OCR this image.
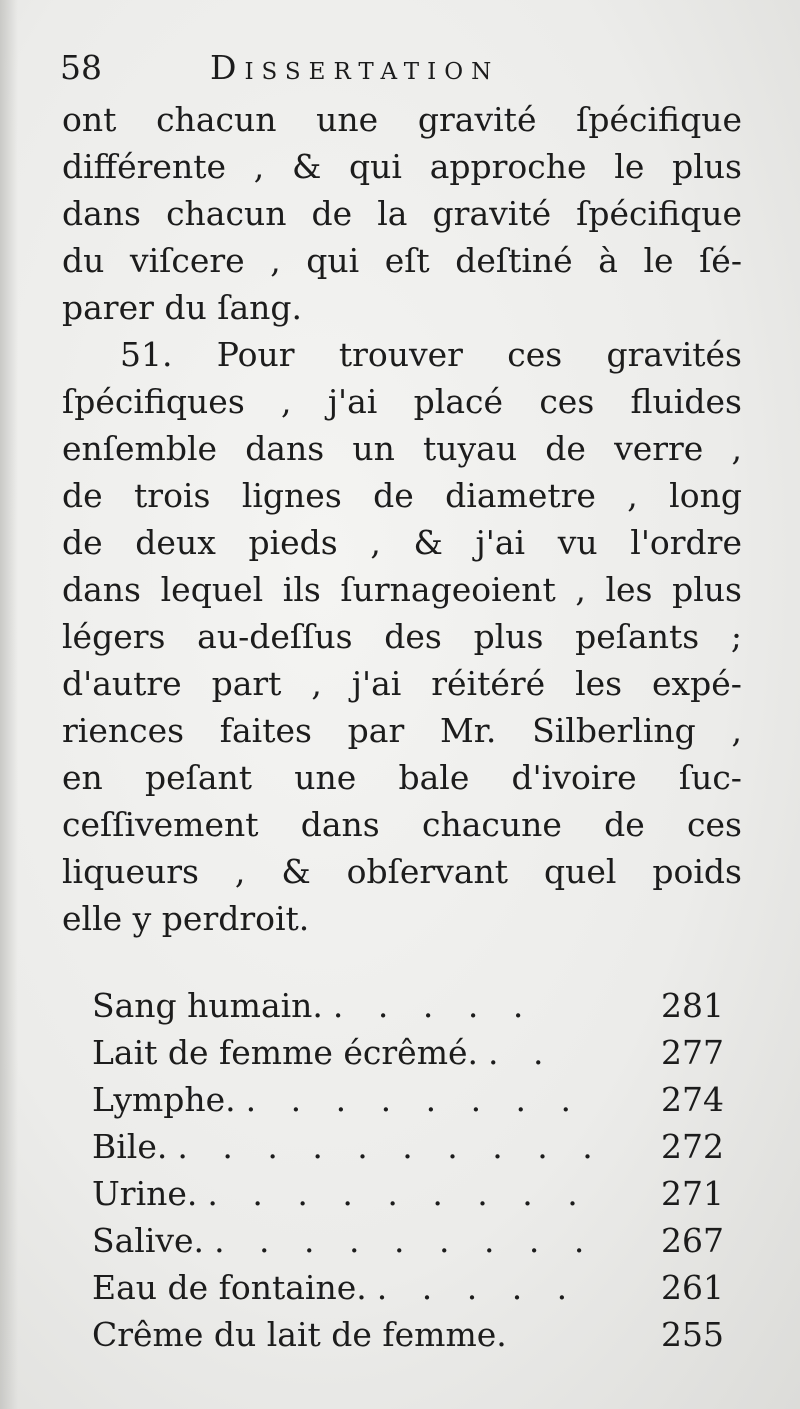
58	Dissertation
ont chacun une gravité ſpécifique
différente , & qui approche le plus
dans chacun de la gravité ſpécifique
du viſcere , qui eſt deſtiné à le ſé-
parer du ſang.
51. Pour trouver ces gravités
ſpécifiques , j'ai placé ces fluides
enſemble dans un tuyau de verre ,
de trois lignes de diametre , long
de deux pieds , & j'ai vu l'ordre
dans lequel ils ſurnageoient , les plus
légers au-deſſus des plus peſants ;
d'autre part , j'ai réitéré les expé-
riences faites par Mr. Silberling ,
en peſant une bale d'ivoire ſuc-
ceſſivement dans chacune de ces
liqueurs , & obſervant quel poids
elle y perdroit.
Sang humain. . . . . .	281
Lait de femme écrêmé. . .	277
Lymphe. . . . . . . . .	274
Bile. . . . . . . . . . .	272
Urine. . . . . . . . . .	271
Salive. . . . . . . . . .	267
Eau de fontaine. . . . . .	261
Crême du lait de femme.	255
